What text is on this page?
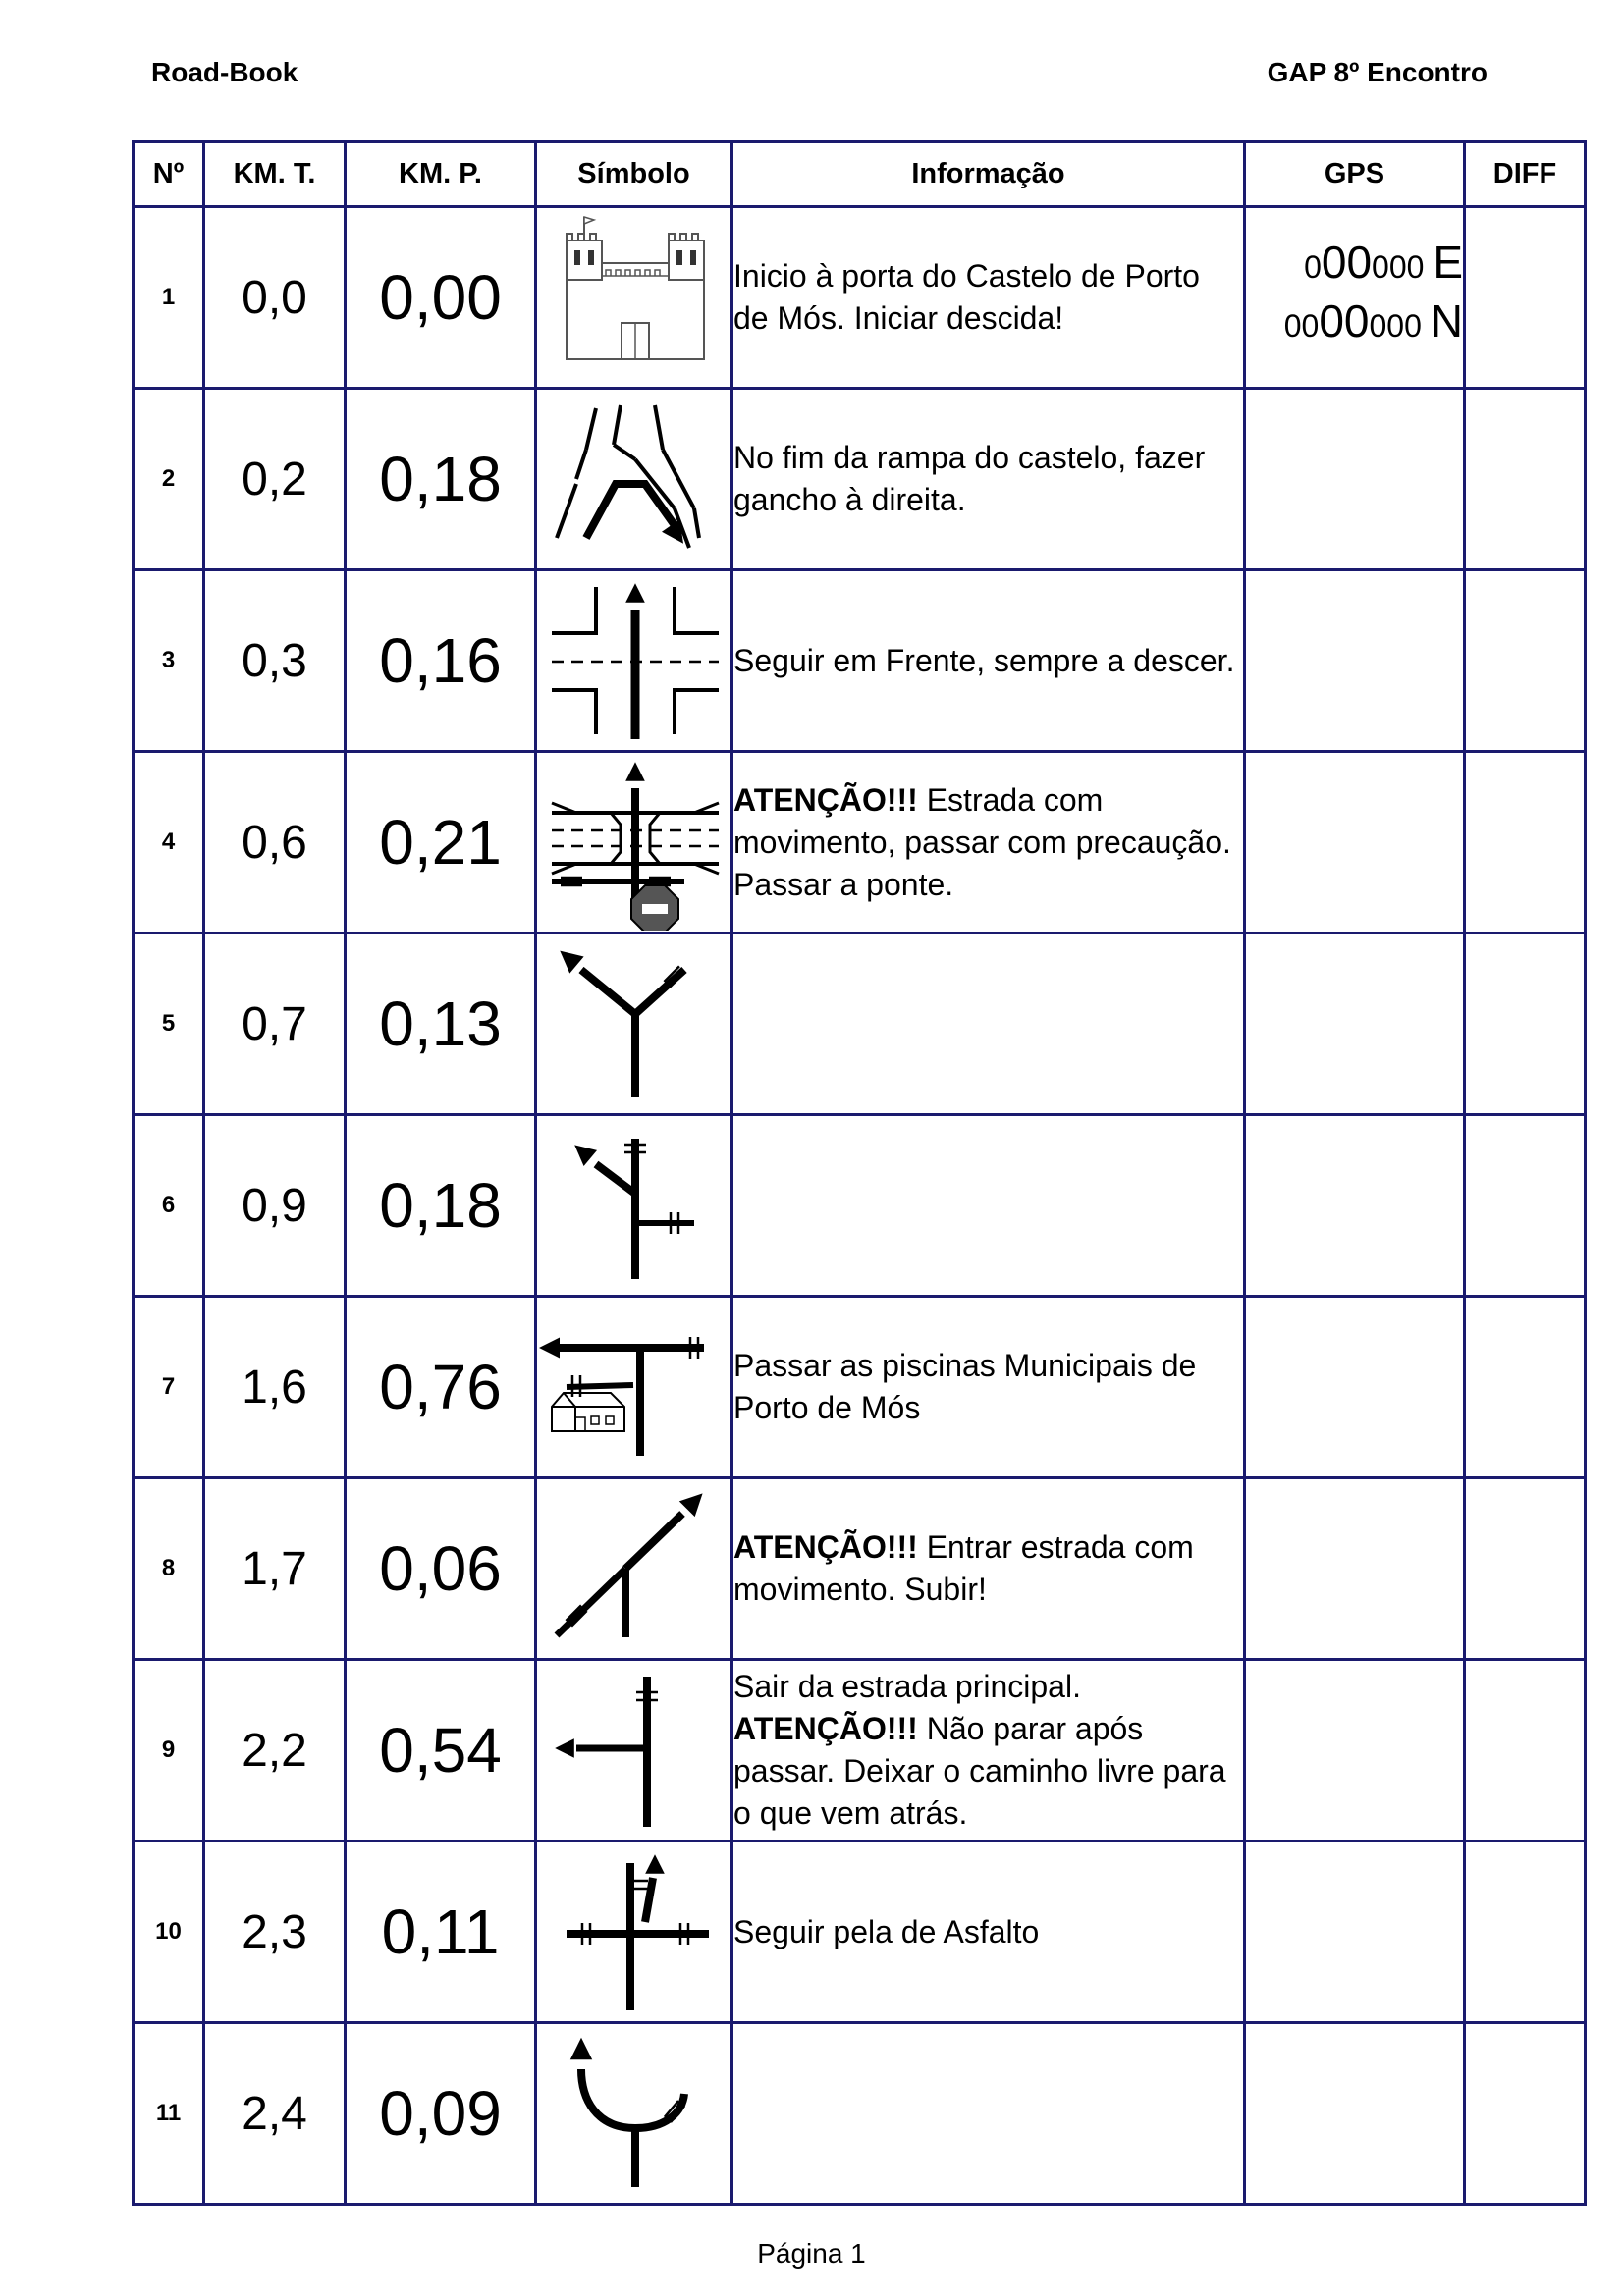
Road-Book	GAP 8º Encontro
Nº	KM. T.	KM. P.	Símbolo	Informação	GPS	DIFF
1	0,0	0,00		Inicio à porta do Castelo de Porto de Mós. Iniciar descida!	000000 E
0000000 N	

2	0,2	0,18		No fim da rampa do castelo, fazer gancho à direita.		
3	0,3	0,16		Seguir em Frente, sempre a descer.		
4	0,6	0,21		ATENÇÃO!!! Estrada com movimento, passar com precaução. Passar a ponte.		
5	0,7	0,13	

6	0,9	0,18	

7	1,6	0,76		Passar as piscinas Municipais de Porto de Mós		
8	1,7	0,06		ATENÇÃO!!! Entrar estrada com movimento. Subir!		
9	2,2	0,54		Sair da estrada principal. ATENÇÃO!!! Não parar após passar. Deixar o caminho livre para o que vem atrás.		
10	2,3	0,11		Seguir pela de Asfalto		
11	2,4	0,09	

Página 1
